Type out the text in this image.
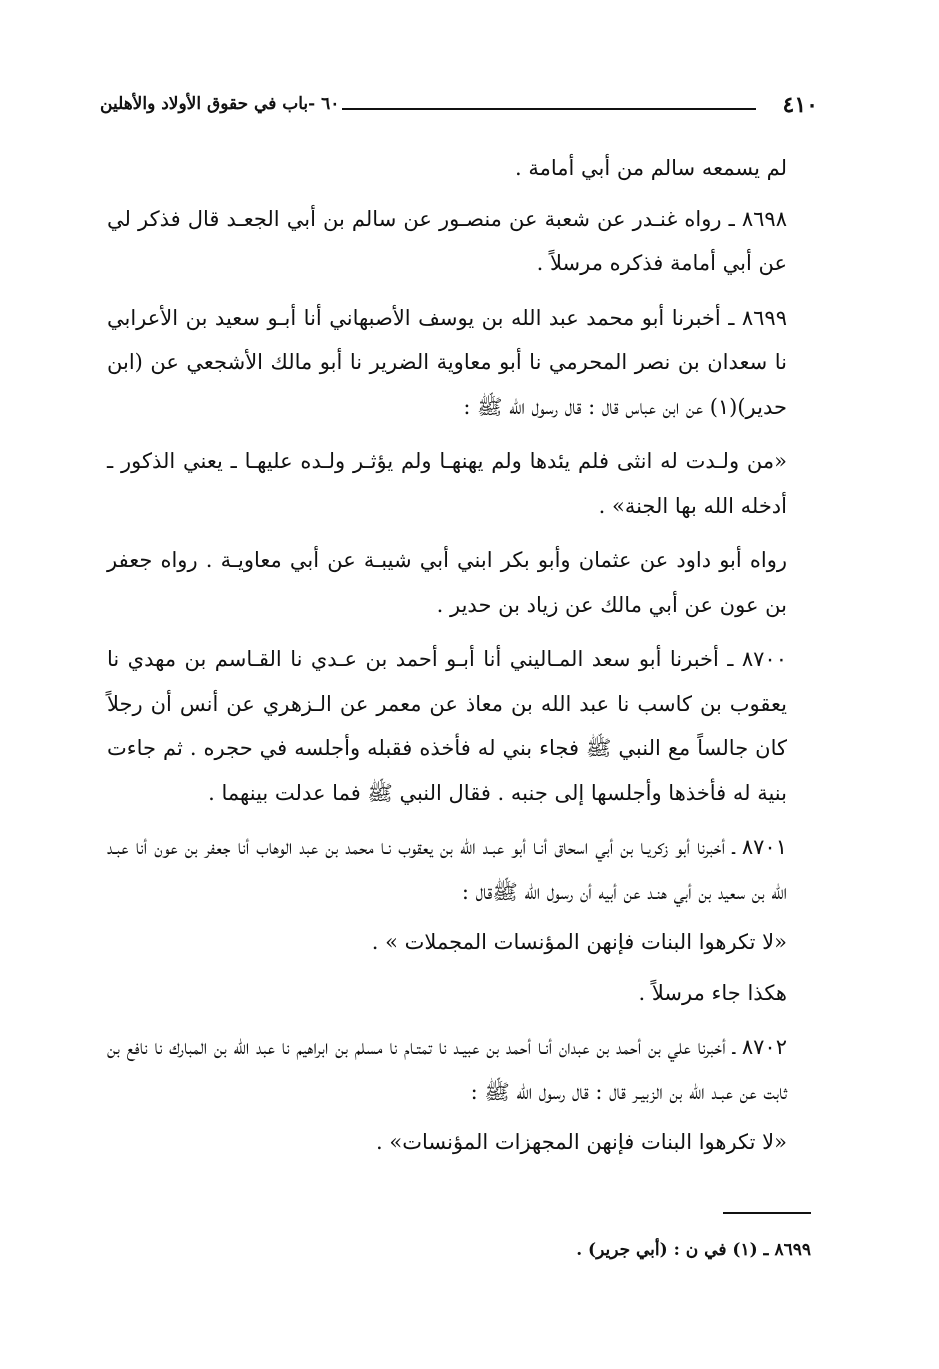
٤١٠
٦٠ -باب في حقوق الأولاد والأهلين

لم يسمعه سالم من أبي أمامة .

٨٦٩٨ ـ رواه غنـدر عن شعبة عن منصـور عن سالم بن أبي الجعـد قال فذكر لي عن أبي أمامة فذكره مرسلاً .

٨٦٩٩ ـ أخبرنا أبو محمد عبد الله بن يوسف الأصبهاني أنا أبـو سعيد بن الأعرابي نا سعدان بن نصر المحرمي نا أبو معاوية الضرير نا أبو مالك الأشجعي عن (ابن حدير)(١) عن ابن عباس قال : قال رسول الله ﷺ :

«من ولـدت له انثى فلم يئدها ولم يهنهـا ولم يؤثـر ولـده عليهـا ـ يعني الذكور ـ أدخله الله بها الجنة» .

رواه أبو داود عن عثمان وأبو بكر ابني أبي شيبـة عن أبي معاويـة . رواه جعفر بن عون عن أبي مالك عن زياد بن حدير .

٨٧٠٠ ـ أخبرنا أبو سعد المـاليني أنا أبـو أحمد بن عـدي نا القـاسم بن مهدي نا يعقوب بن كاسب نا عبد الله بن معاذ عن معمر عن الـزهري عن أنس أن رجلاً كان جالساً مع النبي ﷺ فجاء بني له فأخذه فقبله وأجلسه في حجره . ثم جاءت بنية له فأخذها وأجلسها إلى جنبه . فقال النبي ﷺ فما عدلت بينهما .

٨٧٠١ ـ أخبرنا أبو زكريـا بن أبي اسحاق أنـا أبو عبـد الله بن يعقوب نـا محمد بن عبد الوهاب أنا جعفر بن عون أنا عبـد الله بن سعيد بن أبي هنـد عن أبيه أن رسول الله ﷺقال :

«لا تكرهوا البنات فإنهن المؤنسات المجملات » .

هكذا جاء مرسلاً .

٨٧٠٢ ـ أخبرنا علي بن أحمد بن عبدان أنـا أحمد بن عبيـد نا تمتـام نا مسلم بن ابراهيم نا عبد الله بن المبارك نا نافع بن ثابت عن عبـد الله بن الزبيـر قال : قال رسول الله ﷺ :

«لا تكرهوا البنات فإنهن المجهزات المؤنسات» .

٨٦٩٩ ـ (١) في ن : (أبي جرير) .
